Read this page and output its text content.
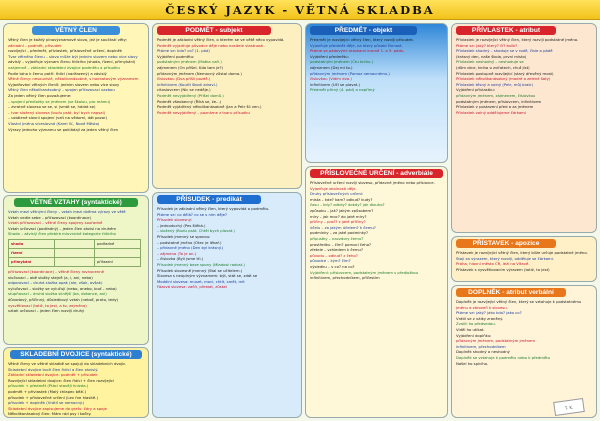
ČESKÝ JAZYK - VĚTNÁ SKLADBA
VĚTNÝ ČLEN
Větný člen je každý plnovýznamové slovo, jež je součástí věty:
základní – podmět, přísudek
rozvíjející – předmět, přívlastek, příslovečné určení, doplněk
Tvar větného členu – slovo může být jedním slovem nebo více slovy
závislý – vyjadřuje význam členu řídícího (shoda, řízení, přimykání)
vzájemně – základní skladební dvojice podmětu a přísudku
Podle toho k čemu patří: řídící (nadřazený) a závislý
Větné členy: nesouvislé, několikanásobné, s hodnotovým významem
Vyjadřování větných členů: jedním slovem nebo více slovy
Větný člen několikanásobný – spojen přiřazovací vazbou
Za jeden větný člen považujeme:
– spojení předložky se jménem (se školou, pro mámu)
– zvratné sloveso se se, si (smát se, hádat se)
– tvar složený slovesa (budu psát, byl bych napsal)
– ustálené slovní spojení (vzít na vědomí, dát pozor)
Vlastní jména víceslovná (Karel IV., Nové Město)
Výrazy jednoho významu se pokládají za jeden větný člen
VĚTNÉ VZTAHY (syntaktické)
Vztah mezi větnými členy – vztah mezi dvěma výrazy ve větě
Vztah vedle sebe – přiřazovací (koordinace)
Vztah přiřazovací – větné členy spojeny souřadně
Vztah určovací (podřadný) – jeden člen závisí na druhém
Shoda – závislý člen přebírá mluvnické kategorie řídícího
shoda		podřadné
řízení		
přimykání		přiřazení
přiřazovací (koordinace) – větné členy rovnocenné
slučovací – obě složky stejně (a, i, ani, nebo)
odporovací – druhá složka opak (ale, však, avšak)
vylučovací – složky se vylučují (nebo, anebo, buď – nebo)
stupňovací – druhá složka silnější (ba, dokonce, ani)
důvodový, příčinný, důsledkový vztah (neboť, proto, tedy)
vysvětlovací (totiž, to jest, a to, zejména)
vztah určovací – jeden člen rozvíjí druhý
SKLADEBNÍ DVOJICE (syntaktické)
Větné členy ve větné skladbě se spojují do skladebních dvojic.
Skladební dvojice tvoří člen řídící a člen závislý.
Základní skladební dvojice: podmět + přísudek
Rozvíjející skladební dvojice: člen řídící + člen rozvíjející
přísudek + předmět (Ptáci stavějí hnízda.)
podmět + přívlastek (Malý chlapec běží.)
přísudek + příslovečné určení (Lev řve hlasitě.)
přísudek + doplněk (Vrátil se nemocný.)
Skladební dvojice zapisujeme do grafu: čáry a spoje
Několikanásobný člen: Mám rád psy i kočky.
PODMĚT - subjekt
Podmět je základní větný člen, o kterém se ve větě něco vypovídá.
Podmět vyjadřuje původce děje nebo nositele vlastnosti.
Ptáme se: kdo? co? (1. pád)
Vyjádření podmětu:
podstatným jménem (Matka vaří.)
zájmenem (On přišel. Kdo tam je?)
přídavným jménem (Nemocný zůstal doma.)
číslovkou (Dva přišli pozdě.)
infinitivem (Kouřit škodí zdraví.)
citoslovcem (Nic se neděje.)
Podmět nevyjádřený (Přišel domů.)
Podmět všeobecný (Říká se, že...)
Podmět vyjádřený několikanásobně (Jan a Petr šli ven.)
Podmět nevyjádřený – poznáme z tvaru přísudku
PŘÍSUDEK - predikát
Přísudek je základní větný člen, který vypovídá o podmětu.
Ptáme se: co dělá? co se s ním děje?
Přísudek slovesný:
– jednoduchý (Pes štěká.)
– složený (Budu psát. Chtěl bych plavat.)
Přísudek jmenný se sponou:
– podstatné jméno (Otec je lékař.)
– přídavné jméno (Den byl krásný.)
– zájmeno (To je on.)
– číslovka (Byli jsme tři.)
Přísudek jmenný beze spony (Mladost radost.)
Přísudek slovesně jmenný (Stal se učitelem.)
Slovesa s neúplným významem: být, stát se, zdát se
Modální slovesa: muset, moci, chtít, smět, mít
Fázová slovesa: začít, přestat, zůstat
PŘEDMĚT - objekt
Předmět je rozvíjející větný člen, který rozvíjí přísudek.
Vyjadřuje předmět děje, na který působí činnost.
Ptáme se pádovými otázkami kromě 1. a 5. pádu.
Vyjádření předmětu:
podstatným jménem (Čtu knihu.)
zájmenem (Dej mi to.)
přídavným jménem (Pomoz nemocnému.)
číslovkou (Vidím dva.)
infinitivem (Učí se plavat.)
Předmět přímý (4. pád) a nepřímý
PŘÍSLOVEČNÉ URČENÍ - adverbiále
Příslovečné určení rozvíjí sloveso, přídavné jméno nebo příslovce.
Vyjadřuje okolnosti děje.
Druhy příslovečných určení:
místa – kde? kam? odkud? kudy?
času – kdy? odkdy? dokdy? jak dlouho?
způsobu – jak? jakým způsobem?
míry – jak moc? do jaké míry?
příčiny – proč? z jaké příčiny?
účelu – za jakým účelem? k čemu?
podmínky – za jaké podmínky?
přípustky – navzdory čemu?
prostředku – čím? pomocí čeho?
zřetele – vzhledem k čemu?
původu – odkud? z čeho?
původce – kým? čím?
výsledku – v co? na co?
Vyjádření: příslovcem, podstatným jménem s předložkou
infinitivem, přechodníkem, příčestím
PŘÍVLASTEK - atribut
Přívlastek je rozvíjející větný člen, který rozvíjí podstatné jméno.
Ptáme se: jaký? který? čí? kolik?
Přívlastek shodný – shoduje se v rodě, čísle a pádě
(krásný den, naše škola, první místo)
Přívlastek neshodný – neshoduje se
(dům otce, kniha o zvířatech, chuť jíst)
Přívlastek postupně rozvíjející (starý dřevěný most)
Přívlastek několikanásobný (modré a zelené šaty)
Přívlastek těsný a volný (Petr, můj bratr)
Vyjádření přívlastku:
přídavným jménem, zájmenem, číslovkou
podstatným jménem, příslovcem, infinitivem
Přívlastek v postavení před a za jménem
Přívlastek volný oddělujeme čárkami
PŘÍSTAVEK - apozice
Přístavek je rozvíjející větný člen, který blíže určuje podstatné jméno.
Stojí za výrazem, který rozvíjí, odděluje se čárkami.
Praha, hlavní město ČR, leží na Vltavě.
Přístavek s vysvětlovacím výrazem (totiž, to jest)
DOPLNĚK - atribut verbální
Doplněk je rozvíjející větný člen, který se vztahuje k podstatnému
jménu a zároveň k slovesu.
Ptáme se: jaký? jako kdo? jako co?
Vrátil se z války zraněný.
Zvolili ho předsedou.
Viděl ho utíkat.
Vyjádření doplňku:
přídavným jménem, podstatným jménem
infinitivem, přechodníkem
Doplněk shodný a neshodný
Doplněk se vztahuje k podmětu nebo k předmětu
Našel ho spícího.
T. K.
